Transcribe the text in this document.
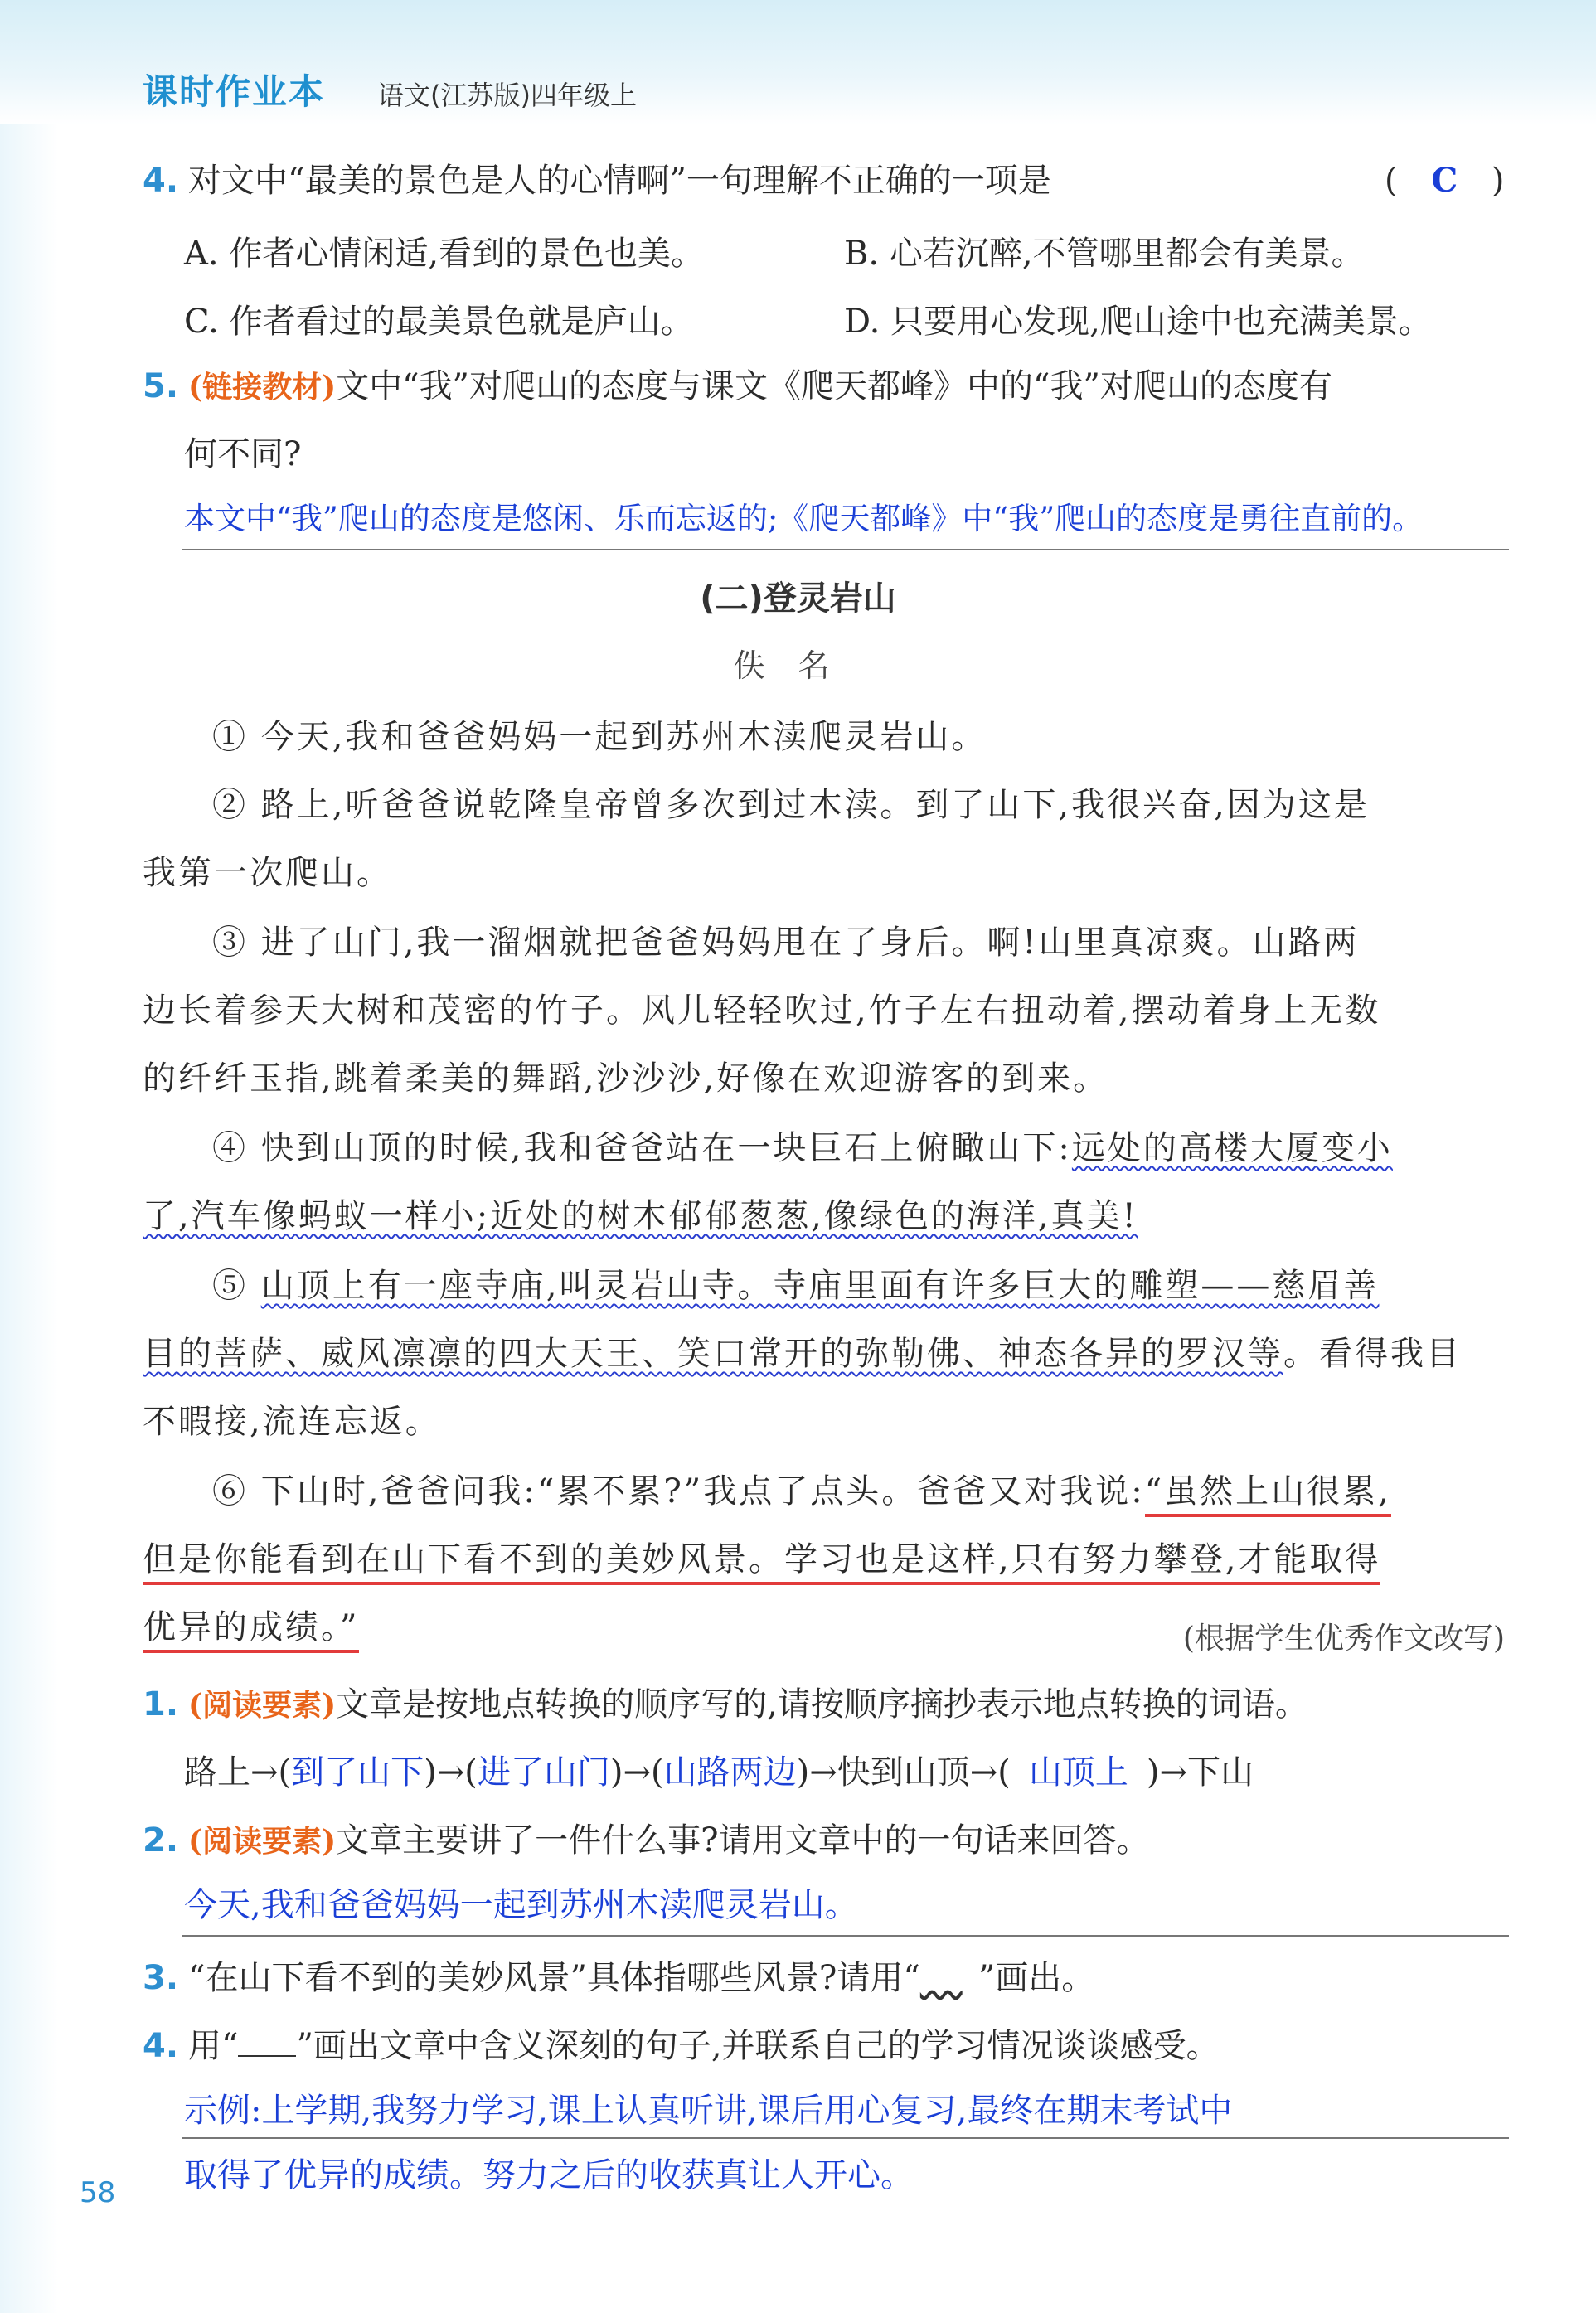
课时作业本 语文(江苏版)四年级上
4. 对文中“最美的景色是人的心情啊”一句理解不正确的一项是	( C )
A. 作者心情闲适,看到的景色也美。	B. 心若沉醉,不管哪里都会有美景。
C. 作者看过的最美景色就是庐山。	D. 只要用心发现,爬山途中也充满美景。
5. (链接教材)文中“我”对爬山的态度与课文《爬天都峰》中的“我”对爬山的态度有
何不同?
本文中“我”爬山的态度是悠闲、乐而忘返的;《爬天都峰》中“我”爬山的态度是勇往直前的。
(二)登灵岩山
佚名
① 今天,我和爸爸妈妈一起到苏州木渎爬灵岩山。
② 路上,听爸爸说乾隆皇帝曾多次到过木渎。到了山下,我很兴奋,因为这是
我第一次爬山。
③ 进了山门,我一溜烟就把爸爸妈妈甩在了身后。啊!山里真凉爽。山路两
边长着参天大树和茂密的竹子。风儿轻轻吹过,竹子左右扭动着,摆动着身上无数
的纤纤玉指,跳着柔美的舞蹈,沙沙沙,好像在欢迎游客的到来。
④ 快到山顶的时候,我和爸爸站在一块巨石上俯瞰山下:远处的高楼大厦变小
了,汽车像蚂蚁一样小;近处的树木郁郁葱葱,像绿色的海洋,真美!
⑤ 山顶上有一座寺庙,叫灵岩山寺。寺庙里面有许多巨大的雕塑——慈眉善
目的菩萨、威风凛凛的四大天王、笑口常开的弥勒佛、神态各异的罗汉等。看得我目
不暇接,流连忘返。
⑥ 下山时,爸爸问我:“累不累?”我点了点头。爸爸又对我说:“虽然上山很累,
但是你能看到在山下看不到的美妙风景。学习也是这样,只有努力攀登,才能取得
优异的成绩。”	(根据学生优秀作文改写)
1. (阅读要素)文章是按地点转换的顺序写的,请按顺序摘抄表示地点转换的词语。
路上→(到了山下)→(进了山门)→(山路两边)→快到山顶→( 山顶上 )→下山
2. (阅读要素)文章主要讲了一件什么事?请用文章中的一句话来回答。
今天,我和爸爸妈妈一起到苏州木渎爬灵岩山。
3. “在山下看不到的美妙风景”具体指哪些风景?请用“ ”画出。
4. 用“ ”画出文章中含义深刻的句子,并联系自己的学习情况谈谈感受。
示例:上学期,我努力学习,课上认真听讲,课后用心复习,最终在期末考试中
取得了优异的成绩。努力之后的收获真让人开心。
58
